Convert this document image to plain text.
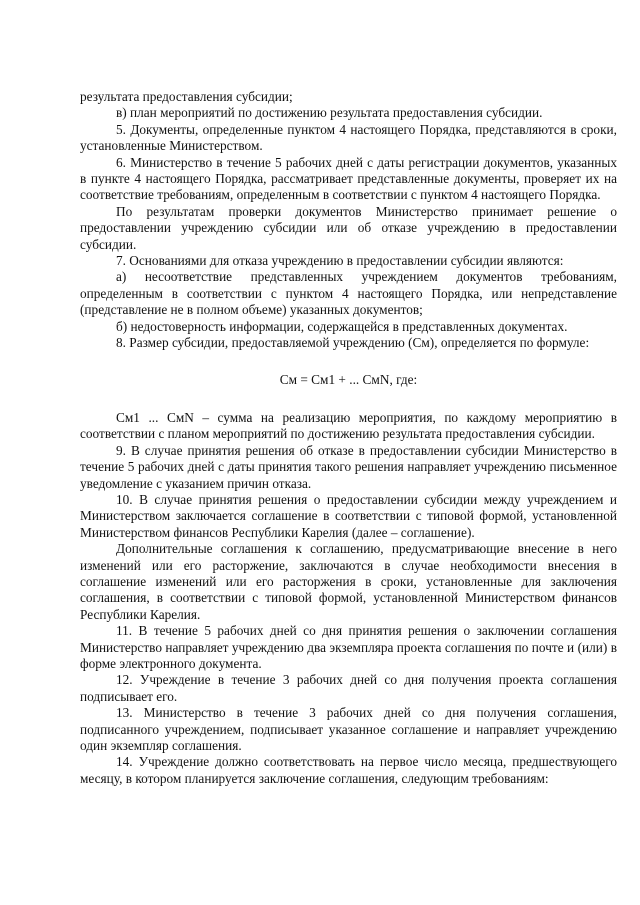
результата предоставления субсидии;

в) план мероприятий по достижению результата предоставления субсидии.

5. Документы, определенные пунктом 4 настоящего Порядка, представляются в сроки, установленные Министерством.

6. Министерство в течение 5 рабочих дней с даты регистрации документов, указанных в пункте 4 настоящего Порядка, рассматривает представленные документы, проверяет их на соответствие требованиям, определенным в соответствии с пунктом 4 настоящего Порядка.

По результатам проверки документов Министерство принимает решение о предоставлении учреждению субсидии или об отказе учреждению в предоставлении субсидии.

7. Основаниями для отказа учреждению в предоставлении субсидии являются:

а) несоответствие представленных учреждением документов требованиям, определенным в соответствии с пунктом 4 настоящего Порядка, или непредставление (представление не в полном объеме) указанных документов;

б) недостоверность информации, содержащейся в представленных документах.

8. Размер субсидии, предоставляемой учреждению (См), определяется по формуле:

См = См1 + ... СмN, где:

См1 ... СмN – сумма на реализацию мероприятия, по каждому мероприятию в соответствии с планом мероприятий по достижению результата предоставления субсидии.

9. В случае принятия решения об отказе в предоставлении субсидии Министерство в течение 5 рабочих дней с даты принятия такого решения направляет учреждению письменное уведомление с указанием причин отказа.

10. В случае принятия решения о предоставлении субсидии между учреждением и Министерством заключается соглашение в соответствии с типовой формой, установленной Министерством финансов Республики Карелия (далее – соглашение).

Дополнительные соглашения к соглашению, предусматривающие внесение в него изменений или его расторжение, заключаются в случае необходимости внесения в соглашение изменений или его расторжения в сроки, установленные для заключения соглашения, в соответствии с типовой формой, установленной Министерством финансов Республики Карелия.

11. В течение 5 рабочих дней со дня принятия решения о заключении соглашения Министерство направляет учреждению два экземпляра проекта соглашения по почте и (или) в форме электронного документа.

12. Учреждение в течение 3 рабочих дней со дня получения проекта соглашения подписывает его.

13. Министерство в течение 3 рабочих дней со дня получения соглашения, подписанного учреждением, подписывает указанное соглашение и направляет учреждению один экземпляр соглашения.

14. Учреждение должно соответствовать на первое число месяца, предшествующего месяцу, в котором планируется заключение соглашения, следующим требованиям:
